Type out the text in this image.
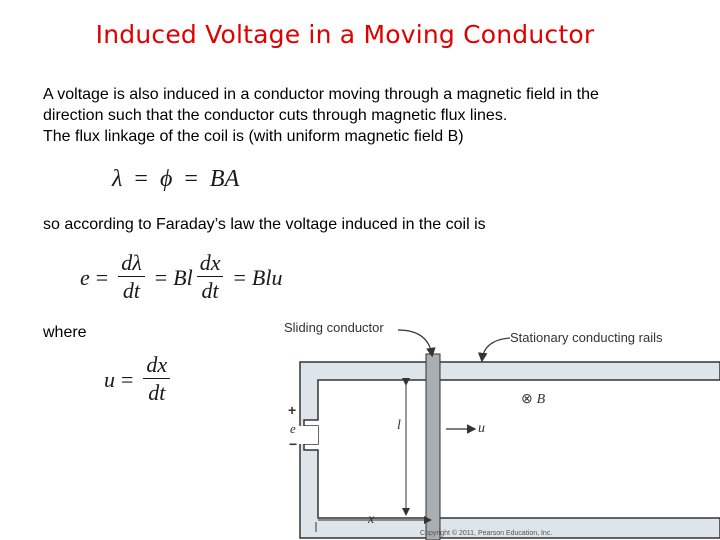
Induced Voltage in a Moving Conductor
A voltage is also induced in a conductor moving through a magnetic field in the
direction such that the conductor cuts through magnetic flux lines.
The flux linkage of the coil is (with uniform magnetic field B)
λ = ϕ = BA
so according to Faraday’s law the voltage induced in the coil is
$e = \frac{d\lambda}{dt} = Bl \frac{dx}{dt}$ = Blu
where
$u = \frac{dx}{dt}$
Sliding conductor
Stationary conducting rails
⊗ B
u
l
x
+
e
−
Copyright © 2011, Pearson Education, Inc.
